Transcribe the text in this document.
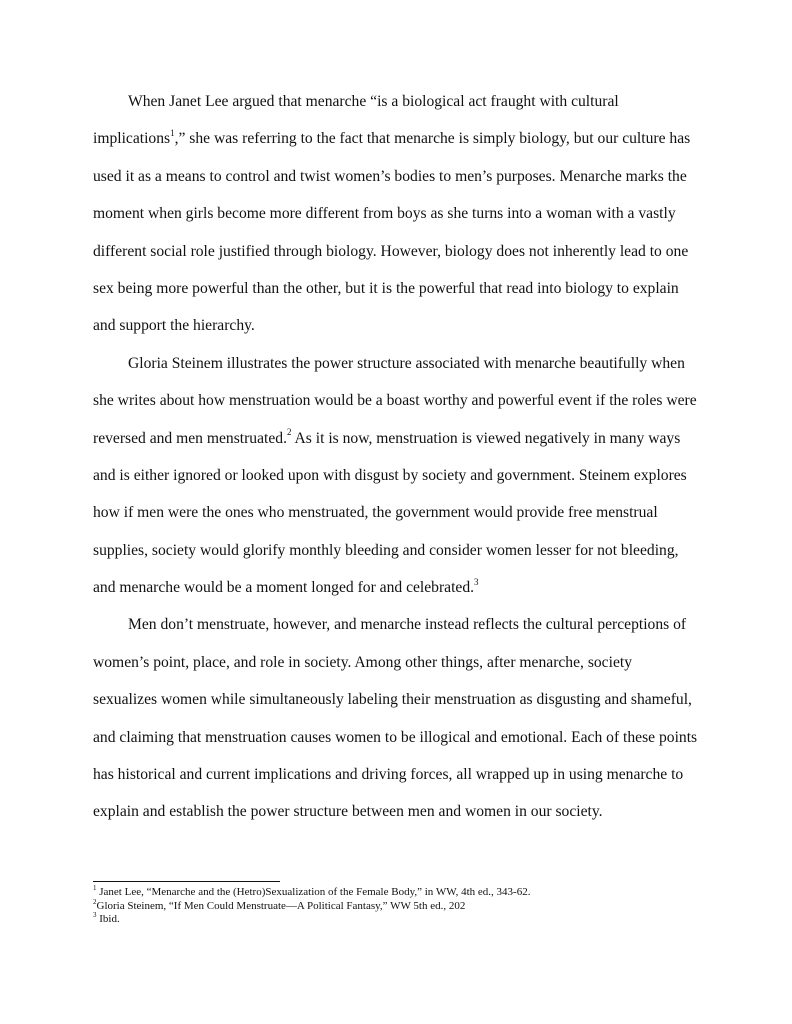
When Janet Lee argued that menarche “is a biological act fraught with cultural
implications$^1$,” she was referring to the fact that menarche is simply biology, but our culture has
used it as a means to control and twist women’s bodies to men’s purposes. Menarche marks the
moment when girls become more different from boys as she turns into a woman with a vastly
different social role justified through biology. However, biology does not inherently lead to one
sex being more powerful than the other, but it is the powerful that read into biology to explain
and support the hierarchy.
Gloria Steinem illustrates the power structure associated with menarche beautifully when
she writes about how menstruation would be a boast worthy and powerful event if the roles were
reversed and men menstruated.$^2$ As it is now, menstruation is viewed negatively in many ways
and is either ignored or looked upon with disgust by society and government. Steinem explores
how if men were the ones who menstruated, the government would provide free menstrual
supplies, society would glorify monthly bleeding and consider women lesser for not bleeding,
and menarche would be a moment longed for and celebrated.$^3$
Men don’t menstruate, however, and menarche instead reflects the cultural perceptions of
women’s point, place, and role in society. Among other things, after menarche, society
sexualizes women while simultaneously labeling their menstruation as disgusting and shameful,
and claiming that menstruation causes women to be illogical and emotional. Each of these points
has historical and current implications and driving forces, all wrapped up in using menarche to
explain and establish the power structure between men and women in our society.
$^1$ Janet Lee, “Menarche and the (Hetro)Sexualization of the Female Body,” in WW, 4th ed., 343-62.
$^2$Gloria Steinem, “If Men Could Menstruate—A Political Fantasy,” WW 5th ed., 202
$^3$ Ibid.
